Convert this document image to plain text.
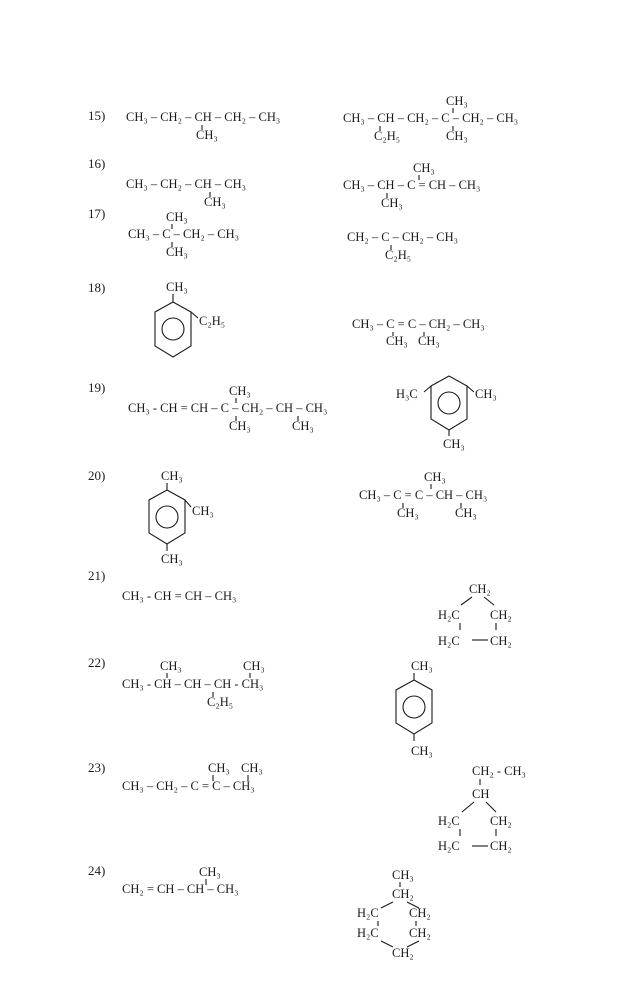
15) CH₃ – CH₂ – CH – CH₂ – CH₃
CH₃
CH₃
CH₃ – CH – CH₂ – C – CH₂ – CH₃
C₂H₅	CH₃
16)
CH₃ – CH₂ – CH – CH₃
CH₃
CH₃
CH₃ – CH – C = CH – CH₃
CH₃
17)	CH₃
CH₃ – C – CH₂ – CH₃
CH₃
CH₂ – C – CH₂ – CH₃
C₂H₅
18)	CH₃
C₂H₅	CH₃ – C = C – CH₂ – CH₃
CH₃ CH₃
19)	CH₃
CH₃ - CH = CH – C – CH₂ – CH – CH₃
CH₃	CH₃
H₃C	CH₃
CH₃
20)	CH₃
CH₃
CH₃
CH₃
CH₃ – C = C – CH – CH₃
CH₃	CH₃
21)
CH₃ - CH = CH – CH₃	CH₂
H₂C CH₂
H₂C CH₂
22)	CH₃	CH₃
CH₃ - CH – CH – CH - CH₃
C₂H₅
CH₃
CH₃
23)	CH₃ CH₃
CH₃ – CH₂ – C = C – CH₃
CH₂ - CH₃
CH
H₂C CH₂
H₂C CH₂
24)	CH₃
CH₂ = CH – CH – CH₃
CH₃
CH₂
H₂C CH₂
H₂C CH₂
CH₂
